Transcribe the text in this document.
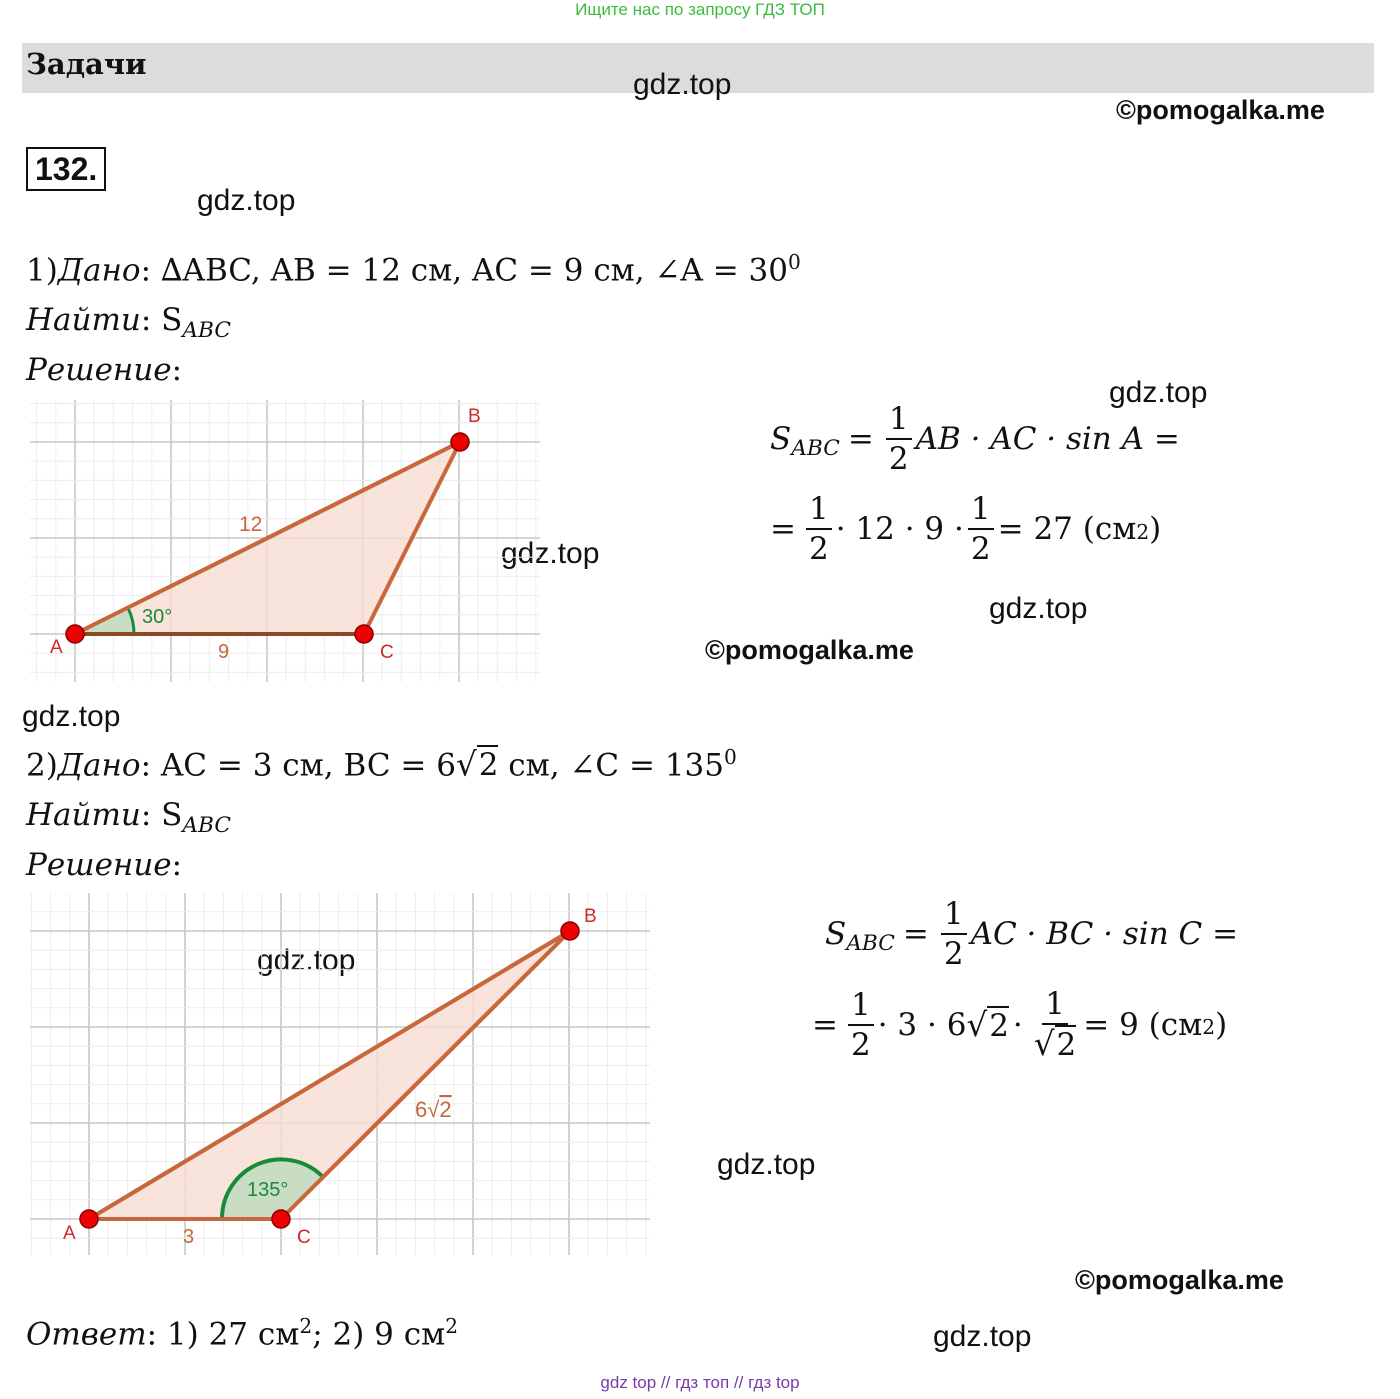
Ищите нас по запросу ГДЗ ТОП
Задачи
gdz.top
©pomogalka.me
gdz.top
gdz.top
gdz.top
gdz.top
©pomogalka.me
gdz.top
gdz.top
gdz.top
©pomogalka.me
gdz.top
132.
1)Дано: ∆ABC, AB = 12 см, AC = 9 см, ∠A = $30^0$
Найти: $S_{ABC}$
Решение:
A
B
C
12
9
30°
$S_{ABC} = \frac{1}{2}$ AB · AC · sin A =
= $\frac{1}{2} \cdot 12 \cdot 9 \cdot \frac{1}{2} = 27$ (см 2 )
2)Дано: AC = 3 см, BC = 6√2 см, ∠C = $135^0$
Найти: $S_{ABC}$
Решение:
A
B
C
3
6√2
135°
$S_{ABC} = \frac{1}{2}$ AC · BC · sin C =
= $\frac{1}{2} \cdot 3 \cdot 6$ √ $2 \cdot \frac{1}{√2} = 9$ (см 2 )
Ответ: 1) 27 $см^2$; 2) 9 $см^2$
gdz top // гдз топ // гдз top
